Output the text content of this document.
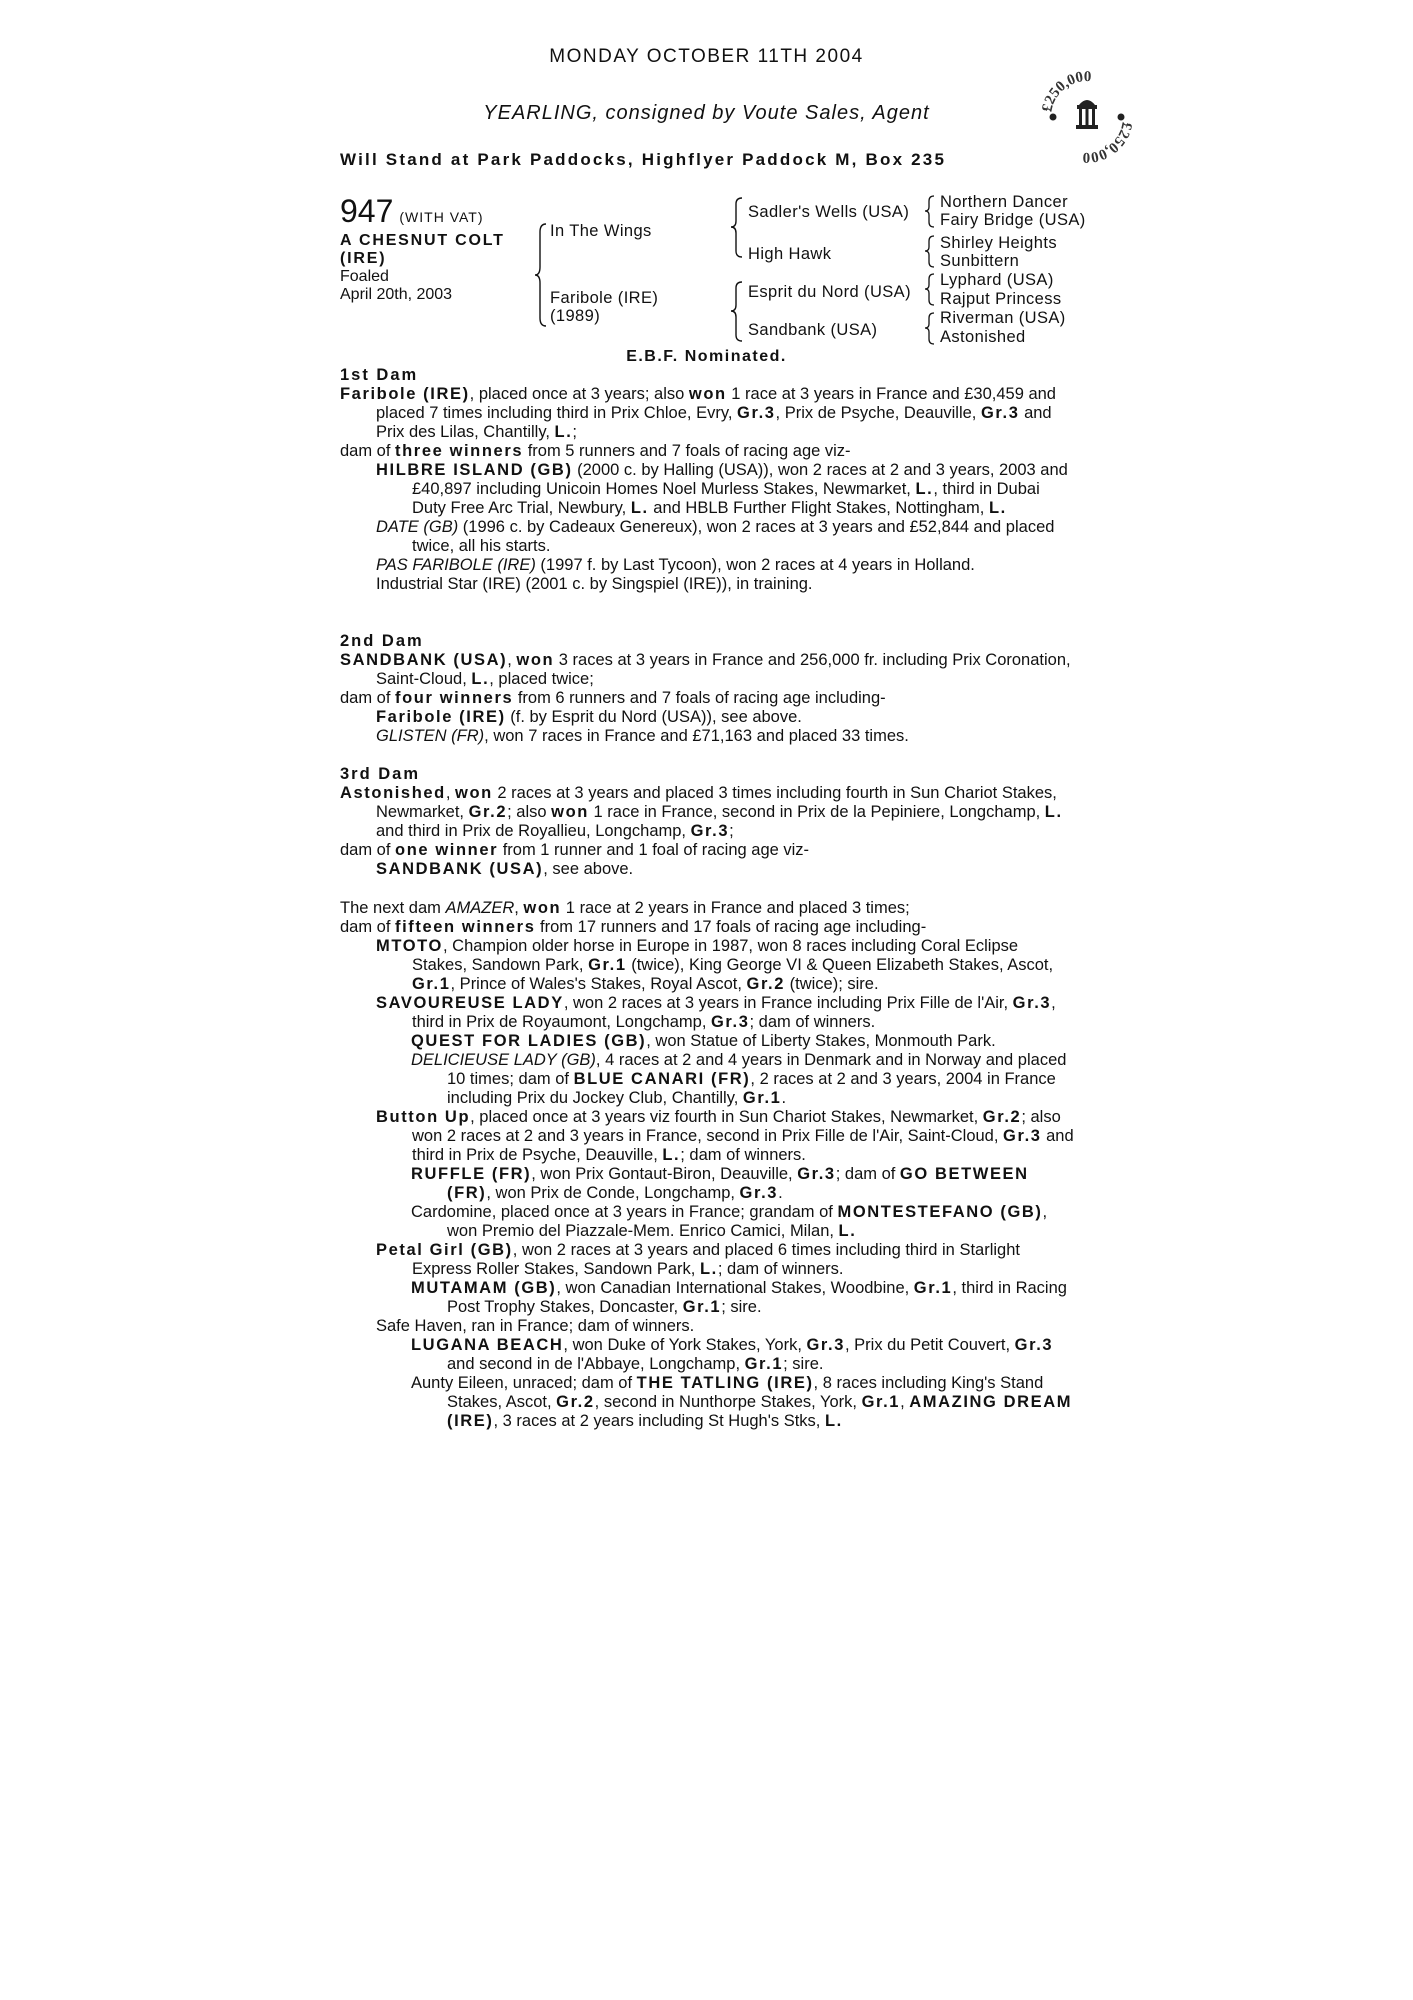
MONDAY OCTOBER 11TH 2004
YEARLING, consigned by Voute Sales, Agent	£250,000
£250,000
Will Stand at Park Paddocks, Highflyer Paddock M, Box 235
947 (WITH VAT)
A CHESNUT COLT
(IRE)
Foaled
April 20th, 2003
In The Wings
Faribole (IRE)
(1989)
Sadler's Wells (USA)
High Hawk
Esprit du Nord (USA)
Sandbank (USA)
Northern Dancer
Fairy Bridge (USA)
Shirley Heights
Sunbittern
Lyphard (USA)
Rajput Princess
Riverman (USA)
Astonished
E.B.F. Nominated.

1st Dam

Faribole (IRE), placed once at 3 years; also won 1 race at 3 years in France and £30,459 and placed 7 times including third in Prix Chloe, Evry, Gr.3, Prix de Psyche, Deauville, Gr.3 and Prix des Lilas, Chantilly, L.;

dam of three winners from 5 runners and 7 foals of racing age viz-

HILBRE ISLAND (GB) (2000 c. by Halling (USA)), won 2 races at 2 and 3 years, 2003 and £40,897 including Unicoin Homes Noel Murless Stakes, Newmarket, L., third in Dubai Duty Free Arc Trial, Newbury, L. and HBLB Further Flight Stakes, Nottingham, L.

DATE (GB) (1996 c. by Cadeaux Genereux), won 2 races at 3 years and £52,844 and placed twice, all his starts.

PAS FARIBOLE (IRE) (1997 f. by Last Tycoon), won 2 races at 4 years in Holland.

Industrial Star (IRE) (2001 c. by Singspiel (IRE)), in training.

2nd Dam

SANDBANK (USA), won 3 races at 3 years in France and 256,000 fr. including Prix Coronation, Saint-Cloud, L., placed twice;

dam of four winners from 6 runners and 7 foals of racing age including-

Faribole (IRE) (f. by Esprit du Nord (USA)), see above.

GLISTEN (FR), won 7 races in France and £71,163 and placed 33 times.

3rd Dam

Astonished, won 2 races at 3 years and placed 3 times including fourth in Sun Chariot Stakes, Newmarket, Gr.2; also won 1 race in France, second in Prix de la Pepiniere, Longchamp, L. and third in Prix de Royallieu, Longchamp, Gr.3;

dam of one winner from 1 runner and 1 foal of racing age viz-

SANDBANK (USA), see above.

The next dam AMAZER, won 1 race at 2 years in France and placed 3 times;

dam of fifteen winners from 17 runners and 17 foals of racing age including-

MTOTO, Champion older horse in Europe in 1987, won 8 races including Coral Eclipse Stakes, Sandown Park, Gr.1 (twice), King George VI & Queen Elizabeth Stakes, Ascot, Gr.1, Prince of Wales's Stakes, Royal Ascot, Gr.2 (twice); sire.

SAVOUREUSE LADY, won 2 races at 3 years in France including Prix Fille de l'Air, Gr.3, third in Prix de Royaumont, Longchamp, Gr.3; dam of winners.

QUEST FOR LADIES (GB), won Statue of Liberty Stakes, Monmouth Park.

DELICIEUSE LADY (GB), 4 races at 2 and 4 years in Denmark and in Norway and placed 10 times; dam of BLUE CANARI (FR), 2 races at 2 and 3 years, 2004 in France including Prix du Jockey Club, Chantilly, Gr.1.

Button Up, placed once at 3 years viz fourth in Sun Chariot Stakes, Newmarket, Gr.2; also won 2 races at 2 and 3 years in France, second in Prix Fille de l'Air, Saint-Cloud, Gr.3 and third in Prix de Psyche, Deauville, L.; dam of winners.

RUFFLE (FR), won Prix Gontaut-Biron, Deauville, Gr.3; dam of GO BETWEEN (FR), won Prix de Conde, Longchamp, Gr.3.

Cardomine, placed once at 3 years in France; grandam of MONTESTEFANO (GB), won Premio del Piazzale-Mem. Enrico Camici, Milan, L.

Petal Girl (GB), won 2 races at 3 years and placed 6 times including third in Starlight Express Roller Stakes, Sandown Park, L.; dam of winners.

MUTAMAM (GB), won Canadian International Stakes, Woodbine, Gr.1, third in Racing Post Trophy Stakes, Doncaster, Gr.1; sire.

Safe Haven, ran in France; dam of winners.

LUGANA BEACH, won Duke of York Stakes, York, Gr.3, Prix du Petit Couvert, Gr.3 and second in de l'Abbaye, Longchamp, Gr.1; sire.

Aunty Eileen, unraced; dam of THE TATLING (IRE), 8 races including King's Stand Stakes, Ascot, Gr.2, second in Nunthorpe Stakes, York, Gr.1, AMAZING DREAM (IRE), 3 races at 2 years including St Hugh's Stks, L.
